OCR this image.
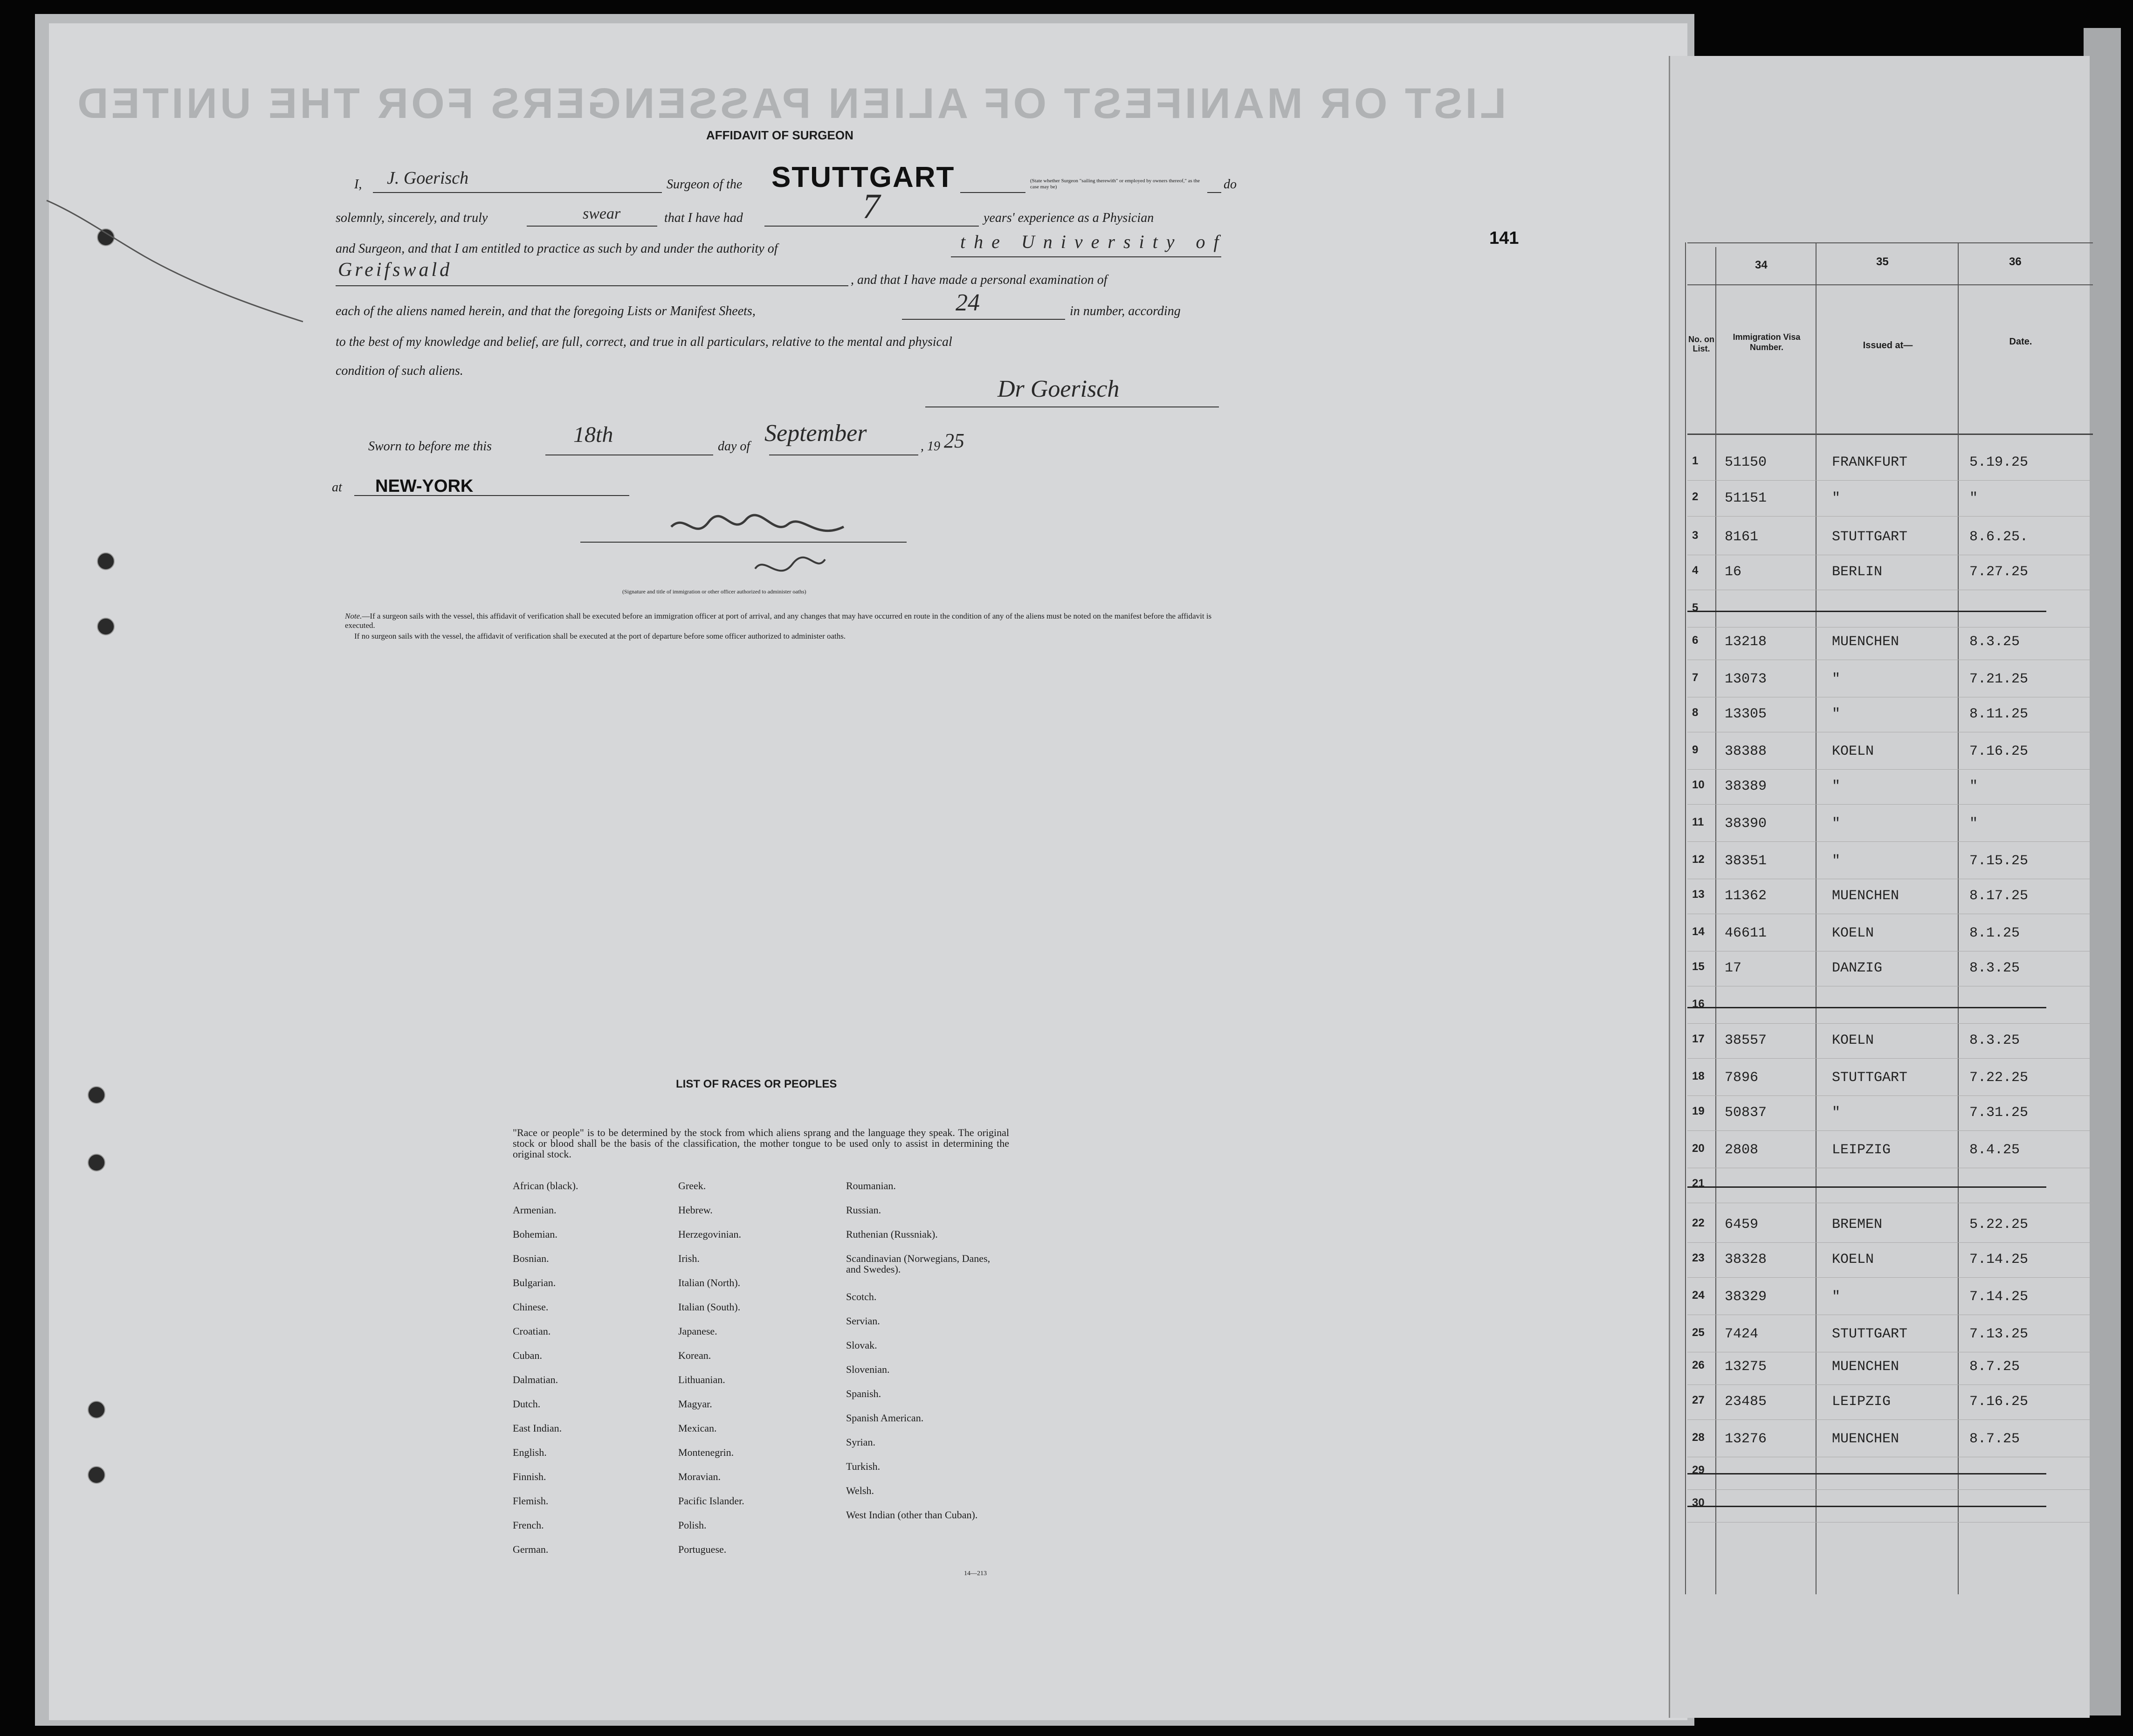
AFFIDAVIT OF SURGEON
141
I, J. Goerisch	Surgeon of the STUTTGART	(State whether Surgeon "sailing therewith" or employed by owners thereof," as the case may be)	do
solemnly, sincerely, and truly	swear	that I have had	7	years' experience as a Physician
and Surgeon, and that I am entitled to practice as such by and under the authority of	the University of
Greifswald	, and that I have made a personal examination of
each of the aliens named herein, and that the foregoing Lists or Manifest Sheets,	24	in number, according
to the best of my knowledge and belief, are full, correct, and true in all particulars, relative to the mental and physical
condition of such aliens.
Dr Goerisch
Sworn to before me this	18th	day of September	, 19 25
at NEW-YORK
(Signature and title of immigration or other officer authorized to administer oaths)
Note.—If a surgeon sails with the vessel, this affidavit of verification shall be executed before an immigration officer at port of arrival, and any changes that may have occurred en route in the condition of any of the aliens must be noted on the manifest before the affidavit is executed.
If no surgeon sails with the vessel, the affidavit of verification shall be executed at the port of departure before some officer authorized to administer oaths.
LIST OF RACES OR PEOPLES
"Race or people" is to be determined by the stock from which aliens sprang and the language they speak. The original stock or blood shall be the basis of the classification, the mother tongue to be used only to assist in determining the original stock.
African (black).
Armenian.
Bohemian.
Bosnian.
Bulgarian.
Chinese.
Croatian.
Cuban.
Dalmatian.
Dutch.
East Indian.
English.
Finnish.
Flemish.
French.
German.
Greek.
Hebrew.
Herzegovinian.
Irish.
Italian (North).
Italian (South).
Japanese.
Korean.
Lithuanian.
Magyar.
Mexican.
Montenegrin.
Moravian.
Pacific Islander.
Polish.
Portuguese.
Roumanian.
Russian.
Ruthenian (Russniak).
Scandinavian (Norwegians, Danes, and Swedes).
Scotch.
Servian.
Slovak.
Slovenian.
Spanish.
Spanish American.
Syrian.
Turkish.
Welsh.
West Indian (other than Cuban).
14—213
LIST OR MANIFEST OF ALIEN PASSENGERS FOR THE UNITED
34	35	36
No. on List.
Immigration Visa Number.	Issued at—	Date.
1 51150	FRANKFURT	5.19.25
2 51151	"	"
3 8161	STUTTGART	8.6.25.
4 16	BERLIN	7.27.25
5
6 13218	MUENCHEN	8.3.25
7 13073	"	7.21.25
8 13305	"	8.11.25
9 38388	KOELN	7.16.25
10 38389	"	"
11 38390	"	"
12 38351	"	7.15.25
13 11362	MUENCHEN	8.17.25
14 46611	KOELN	8.1.25
15 17	DANZIG	8.3.25
16
17 38557	KOELN	8.3.25
18 7896	STUTTGART	7.22.25
19 50837	"	7.31.25
20 2808	LEIPZIG	8.4.25
21
22 6459	BREMEN	5.22.25
23 38328	KOELN	7.14.25
24 38329	"	7.14.25
25 7424	STUTTGART	7.13.25
26 13275	MUENCHEN	8.7.25
27 23485	LEIPZIG	7.16.25
28 13276	MUENCHEN	8.7.25
29
30
